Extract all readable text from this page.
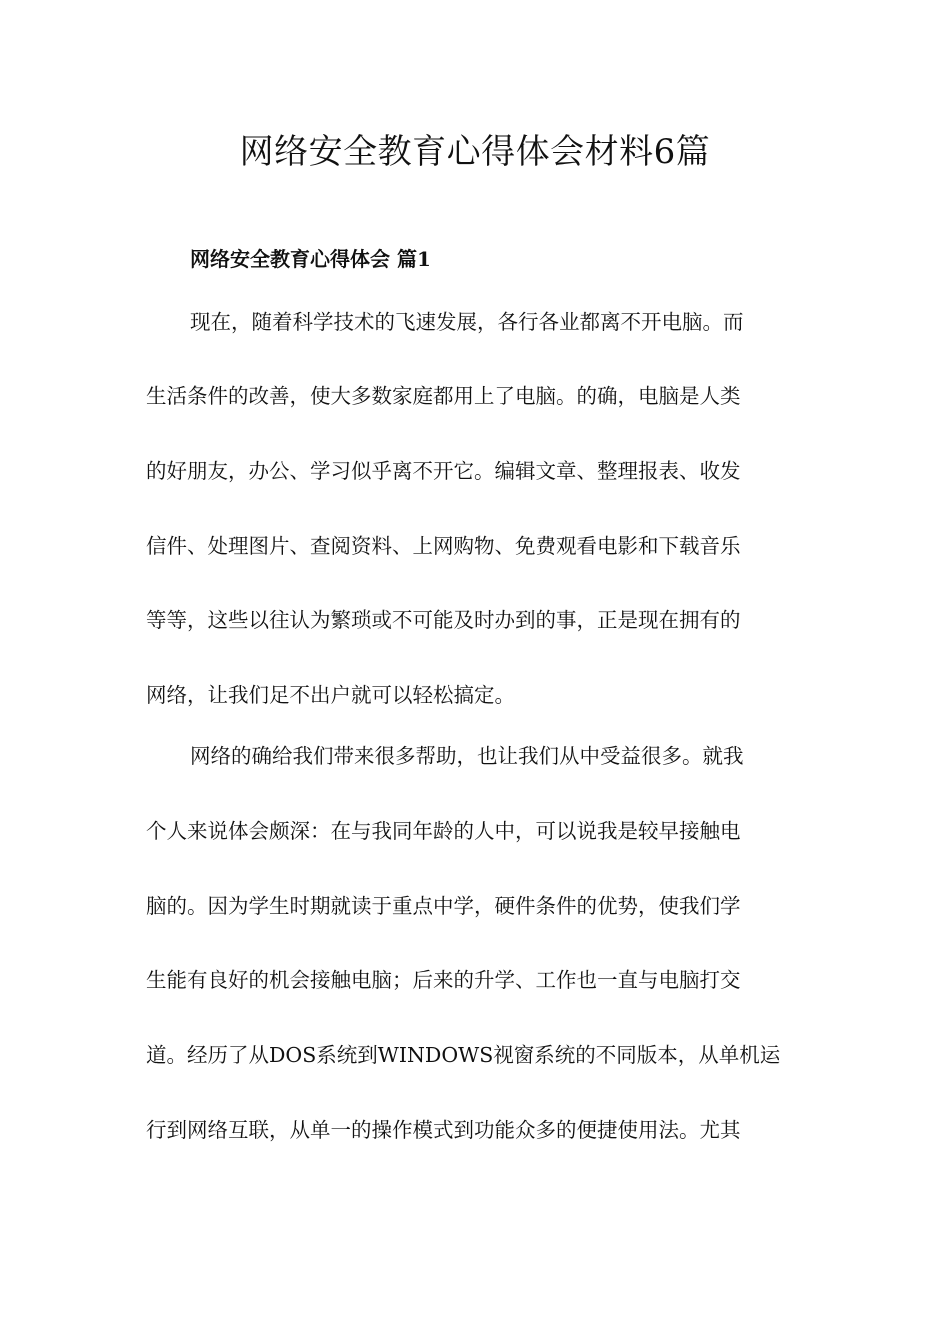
网络安全教育心得体会材料6篇
网络安全教育心得体会 篇1

现在，随着科学技术的飞速发展，各行各业都离不开电脑。而

生活条件的改善，使大多数家庭都用上了电脑。的确，电脑是人类

的好朋友，办公、学习似乎离不开它。编辑文章、整理报表、收发

信件、处理图片、查阅资料、上网购物、免费观看电影和下载音乐

等等，这些以往认为繁琐或不可能及时办到的事，正是现在拥有的

网络，让我们足不出户就可以轻松搞定。

网络的确给我们带来很多帮助，也让我们从中受益很多。就我

个人来说体会颇深：在与我同年龄的人中，可以说我是较早接触电

脑的。因为学生时期就读于重点中学，硬件条件的优势，使我们学

生能有良好的机会接触电脑；后来的升学、工作也一直与电脑打交

道。经历了从DOS系统到WINDOWS视窗系统的不同版本，从单机运

行到网络互联，从单一的操作模式到功能众多的便捷使用法。尤其
